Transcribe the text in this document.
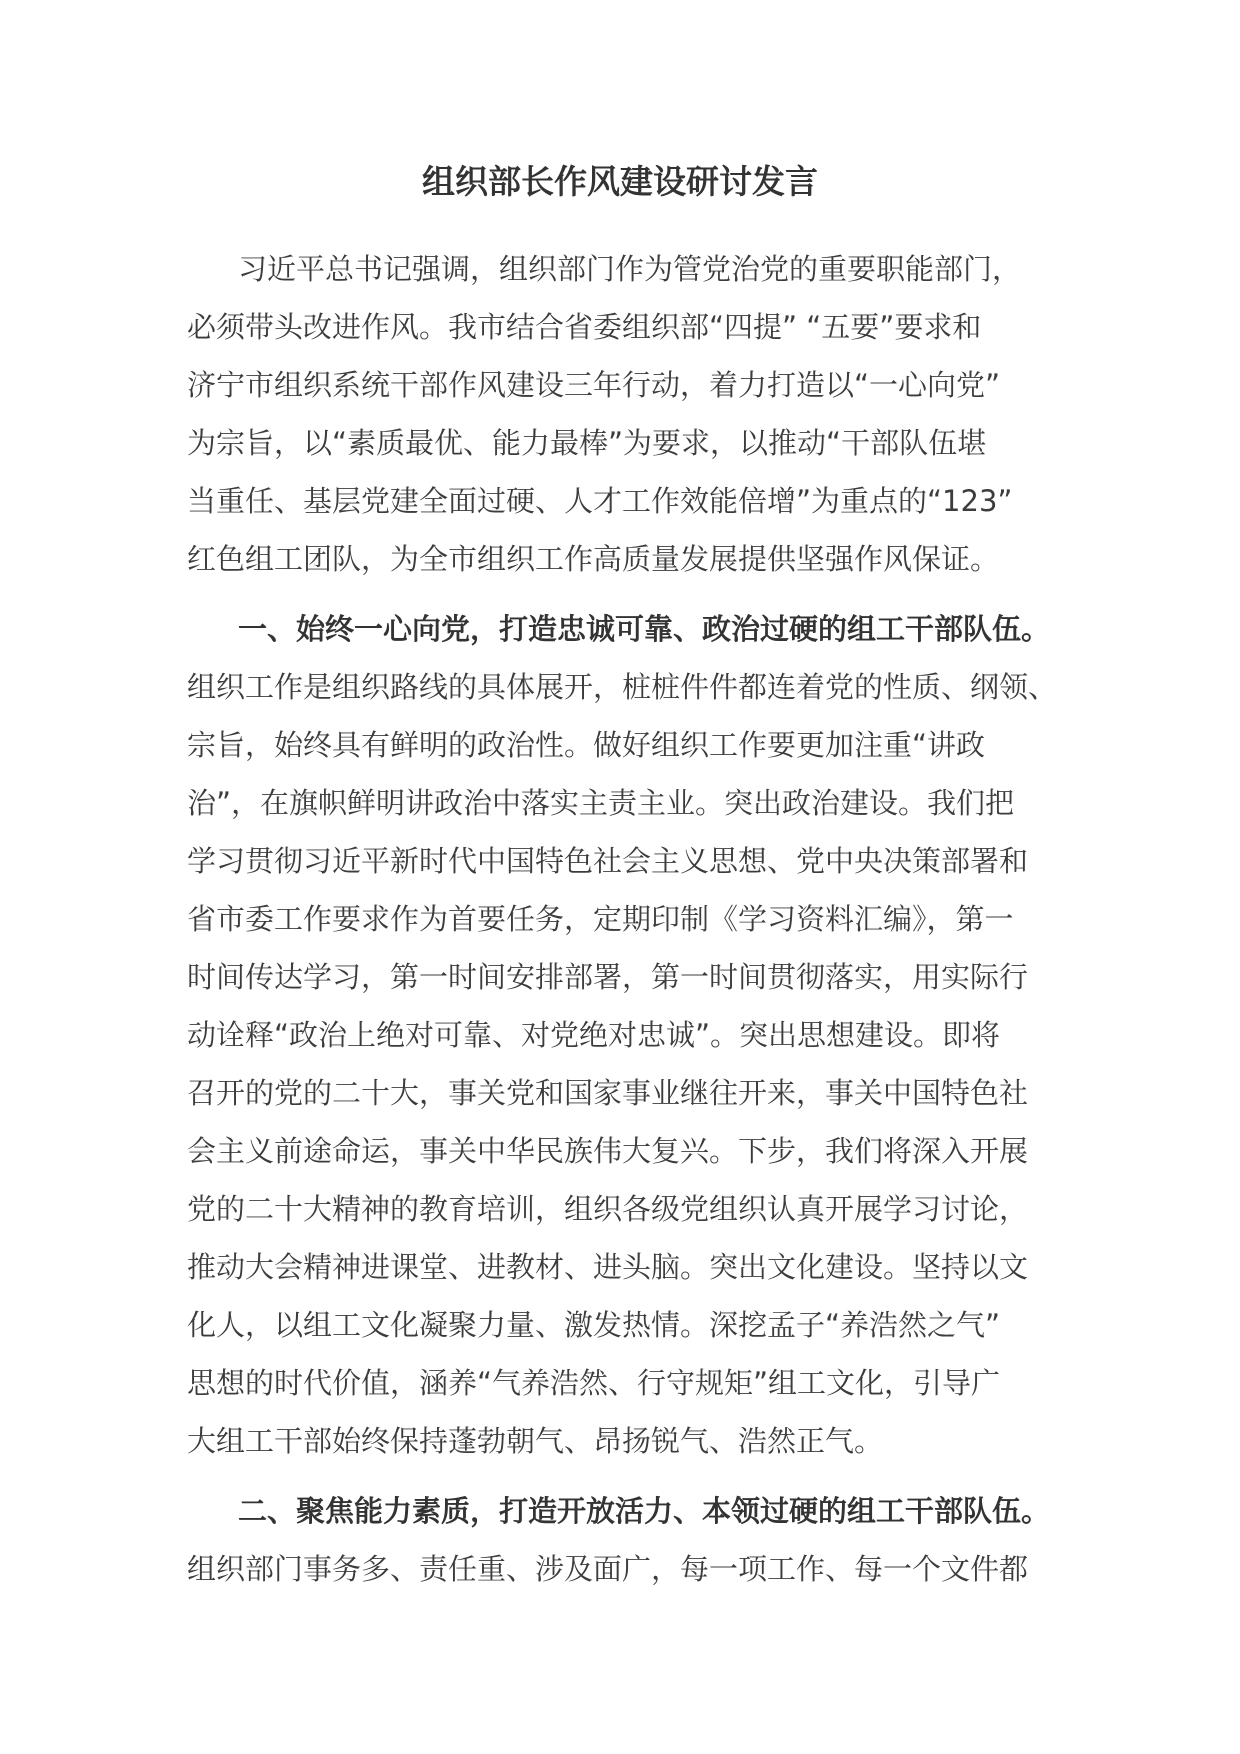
组织部长作风建设研讨发言
习近平总书记强调，组织部门作为管党治党的重要职能部门，
必须带头改进作风。我市结合省委组织部“四提” “五要”要求和
济宁市组织系统干部作风建设三年行动，着力打造以“一心向党”
为宗旨，以“素质最优、能力最棒”为要求，以推动“干部队伍堪
当重任、基层党建全面过硬、人才工作效能倍增”为重点的“123”
红色组工团队，为全市组织工作高质量发展提供坚强作风保证。
一、始终一心向党，打造忠诚可靠、政治过硬的组工干部队伍。
组织工作是组织路线的具体展开，桩桩件件都连着党的性质、纲领、
宗旨，始终具有鲜明的政治性。做好组织工作要更加注重“讲政
治”，在旗帜鲜明讲政治中落实主责主业。突出政治建设。我们把
学习贯彻习近平新时代中国特色社会主义思想、党中央决策部署和
省市委工作要求作为首要任务，定期印制《学习资料汇编》，第一
时间传达学习，第一时间安排部署，第一时间贯彻落实，用实际行
动诠释“政治上绝对可靠、对党绝对忠诚”。突出思想建设。即将
召开的党的二十大，事关党和国家事业继往开来，事关中国特色社
会主义前途命运，事关中华民族伟大复兴。下步，我们将深入开展
党的二十大精神的教育培训，组织各级党组织认真开展学习讨论，
推动大会精神进课堂、进教材、进头脑。突出文化建设。坚持以文
化人，以组工文化凝聚力量、激发热情。深挖孟子“养浩然之气”
思想的时代价值，涵养“气养浩然、行守规矩”组工文化，引导广
大组工干部始终保持蓬勃朝气、昂扬锐气、浩然正气。
二、聚焦能力素质，打造开放活力、本领过硬的组工干部队伍。
组织部门事务多、责任重、涉及面广，每一项工作、每一个文件都
